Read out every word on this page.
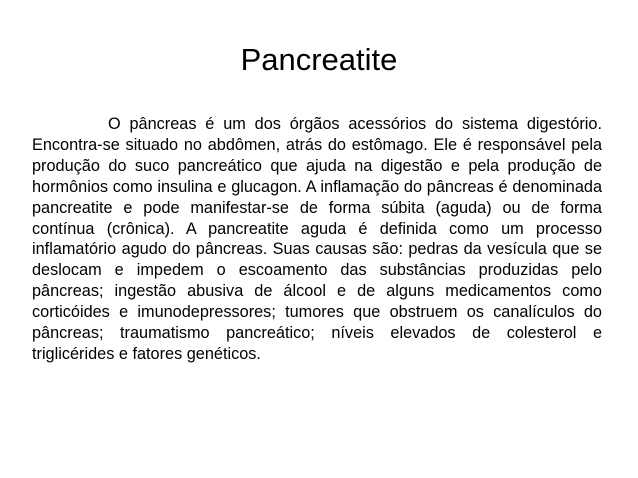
Pancreatite

O pâncreas é um dos órgãos acessórios do sistema digestório. Encontra-se situado no abdômen, atrás do estômago. Ele é responsável pela produção do suco pancreático que ajuda na digestão e pela produção de hormônios como insulina e glucagon. A inflamação do pâncreas é denominada pancreatite e pode manifestar-se de forma súbita (aguda) ou de forma contínua (crônica). A pancreatite aguda é definida como um processo inflamatório agudo do pâncreas. Suas causas são: pedras da vesícula que se deslocam e impedem o escoamento das substâncias produzidas pelo pâncreas; ingestão abusiva de álcool e de alguns medicamentos como corticóides e imunodepressores; tumores que obstruem os canalículos do pâncreas; traumatismo pancreático; níveis elevados de colesterol e triglicérides e fatores genéticos.
